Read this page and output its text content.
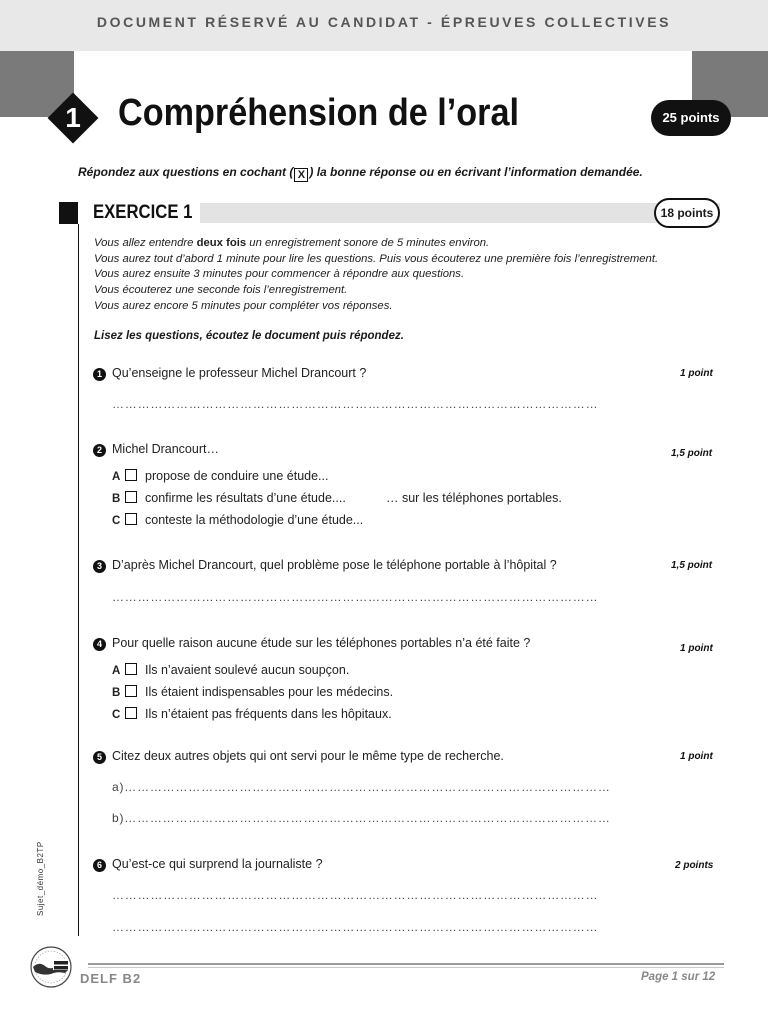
DOCUMENT RÉSERVÉ AU CANDIDAT - ÉPREUVES COLLECTIVES
1 Compréhension de l’oral	25 points
Répondez aux questions en cochant ( X ) la bonne réponse ou en écrivant l’information demandée.
EXERCICE 1	18 points
Vous allez entendre deux fois un enregistrement sonore de 5 minutes environ.
Vous aurez tout d’abord 1 minute pour lire les questions. Puis vous écouterez une première fois l’enregistrement.
Vous aurez ensuite 3 minutes pour commencer à répondre aux questions.
Vous écouterez une seconde fois l’enregistrement.
Vous aurez encore 5 minutes pour compléter vos réponses.
Lisez les questions, écoutez le document puis répondez.
1 Qu’enseigne le professeur Michel Drancourt ?	1 point
……………………………………………………………………………………………………
2 Michel Drancourt…	1,5 point
A propose de conduire une étude...
B confirme les résultats d’une étude....
C conteste la méthodologie d’une étude...
… sur les téléphones portables.
3 D’après Michel Drancourt, quel problème pose le téléphone portable à l’hôpital ?	1,5 point
……………………………………………………………………………………………………
4 Pour quelle raison aucune étude sur les téléphones portables n’a été faite ?	1 point
A Ils n’avaient soulevé aucun soupçon.
B Ils étaient indispensables pour les médecins.
C Ils n’étaient pas fréquents dans les hôpitaux.
5 Citez deux autres objets qui ont servi pour le même type de recherche.	1 point
a)……………………………………………………………………………………………………
b)……………………………………………………………………………………………………
6 Qu’est-ce qui surprend la journaliste ?	2 points
……………………………………………………………………………………………………
……………………………………………………………………………………………………
Sujet_démo_B2TP
DELF B2	Page 1 sur 12
